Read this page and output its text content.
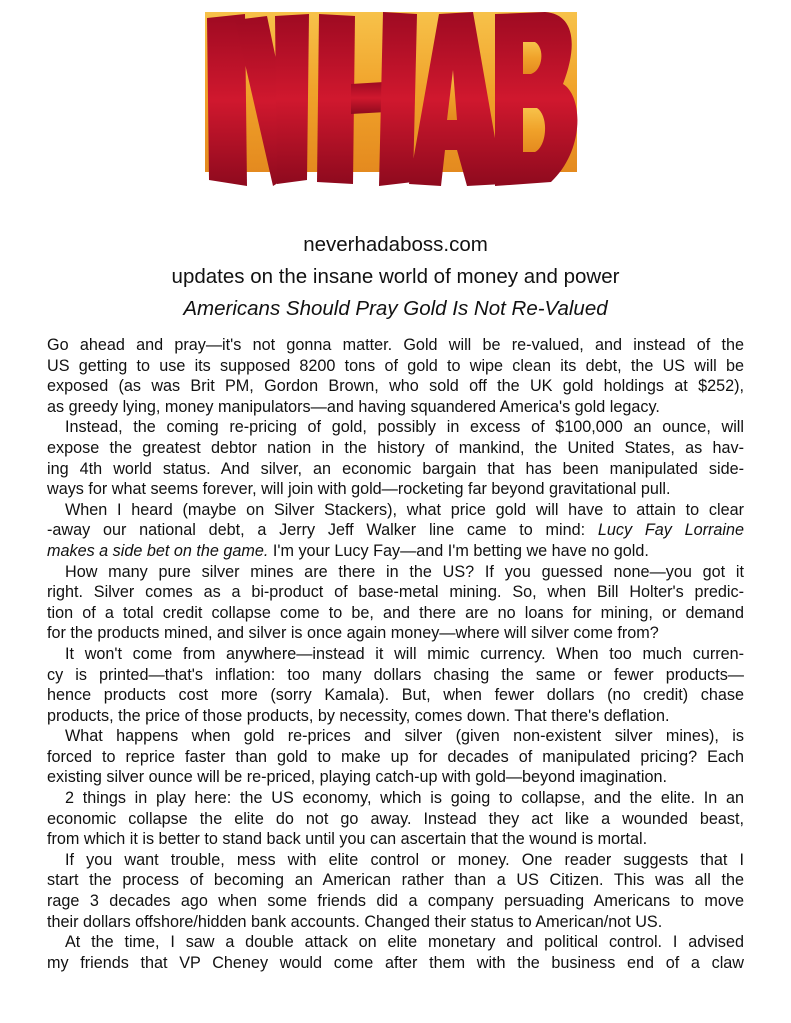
neverhadaboss.com
updates on the insane world of money and power
Americans Should Pray Gold Is Not Re-Valued
Go ahead and pray—it's not gonna matter. Gold will be re-valued, and instead of the
US getting to use its supposed 8200 tons of gold to wipe clean its debt, the US will be
exposed (as was Brit PM, Gordon Brown, who sold off the UK gold holdings at $252),
as greedy lying, money manipulators—and having squandered America's gold legacy.
Instead, the coming re-pricing of gold, possibly in excess of $100,000 an ounce, will
expose the greatest debtor nation in the history of mankind, the United States, as hav-
ing 4th world status. And silver, an economic bargain that has been manipulated side-
ways for what seems forever, will join with gold—rocketing far beyond gravitational pull.
When I heard (maybe on Silver Stackers), what price gold will have to attain to clear
-away our national debt, a Jerry Jeff Walker line came to mind: Lucy Fay Lorraine
makes a side bet on the game. I'm your Lucy Fay—and I'm betting we have no gold.
How many pure silver mines are there in the US? If you guessed none—you got it
right. Silver comes as a bi-product of base-metal mining. So, when Bill Holter's predic-
tion of a total credit collapse come to be, and there are no loans for mining, or demand
for the products mined, and silver is once again money—where will silver come from?
It won't come from anywhere—instead it will mimic currency. When too much curren-
cy is printed—that's inflation: too many dollars chasing the same or fewer products—
hence products cost more (sorry Kamala). But, when fewer dollars (no credit) chase
products, the price of those products, by necessity, comes down. That there's deflation.
What happens when gold re-prices and silver (given non-existent silver mines), is
forced to reprice faster than gold to make up for decades of manipulated pricing? Each
existing silver ounce will be re-priced, playing catch-up with gold—beyond imagination.
2 things in play here: the US economy, which is going to collapse, and the elite. In an
economic collapse the elite do not go away. Instead they act like a wounded beast,
from which it is better to stand back until you can ascertain that the wound is mortal.
If you want trouble, mess with elite control or money. One reader suggests that I
start the process of becoming an American rather than a US Citizen. This was all the
rage 3 decades ago when some friends did a company persuading Americans to move
their dollars offshore/hidden bank accounts. Changed their status to American/not US.
At the time, I saw a double attack on elite monetary and political control. I advised
my friends that VP Cheney would come after them with the business end of a claw
